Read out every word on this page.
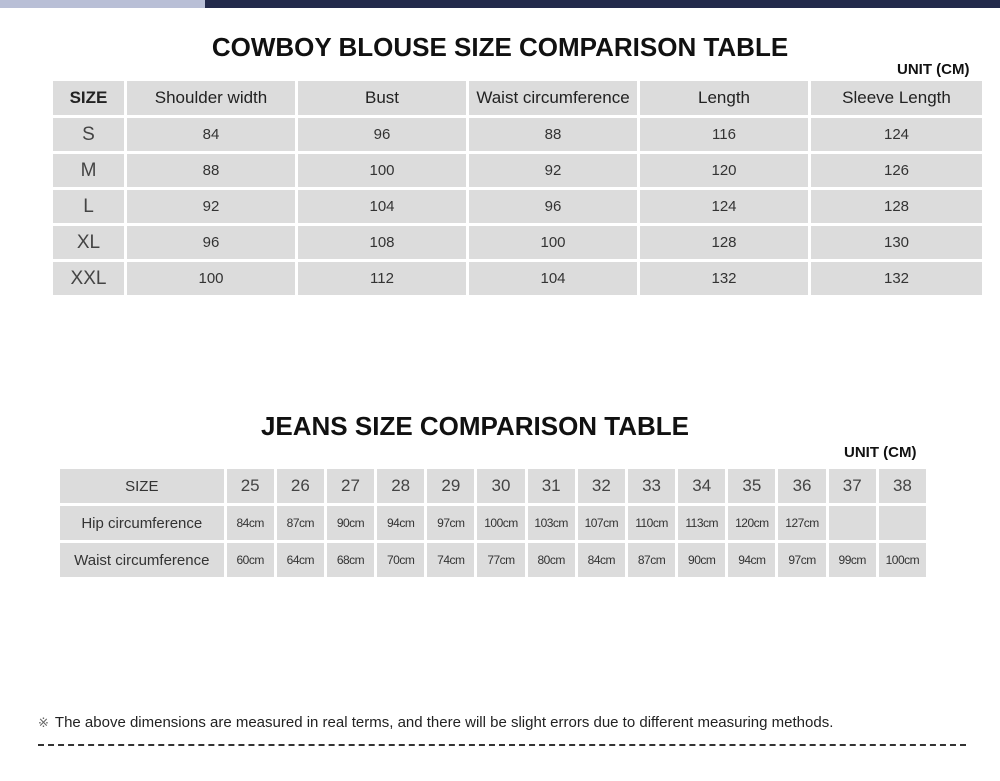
COWBOY BLOUSE SIZE COMPARISON TABLE
UNIT (CM)
SIZE	Shoulder width	Bust	Waist circumference	Length	Sleeve Length
S	84	96	88	116	124
M	88	100	92	120	126
L	92	104	96	124	128
XL	96	108	100	128	130
XXL	100	112	104	132	132
JEANS SIZE COMPARISON TABLE
UNIT (CM)
SIZE	25	26	27	28	29	30	31	32	33	34	35	36	37	38
Hip circumference	84cm	87cm	90cm	94cm	97cm	100cm	103cm	107cm	110cm	113cm	120cm	127cm		
Waist circumference	60cm	64cm	68cm	70cm	74cm	77cm	80cm	84cm	87cm	90cm	94cm	97cm	99cm	100cm
※ The above dimensions are measured in real terms, and there will be slight errors due to different measuring methods.
